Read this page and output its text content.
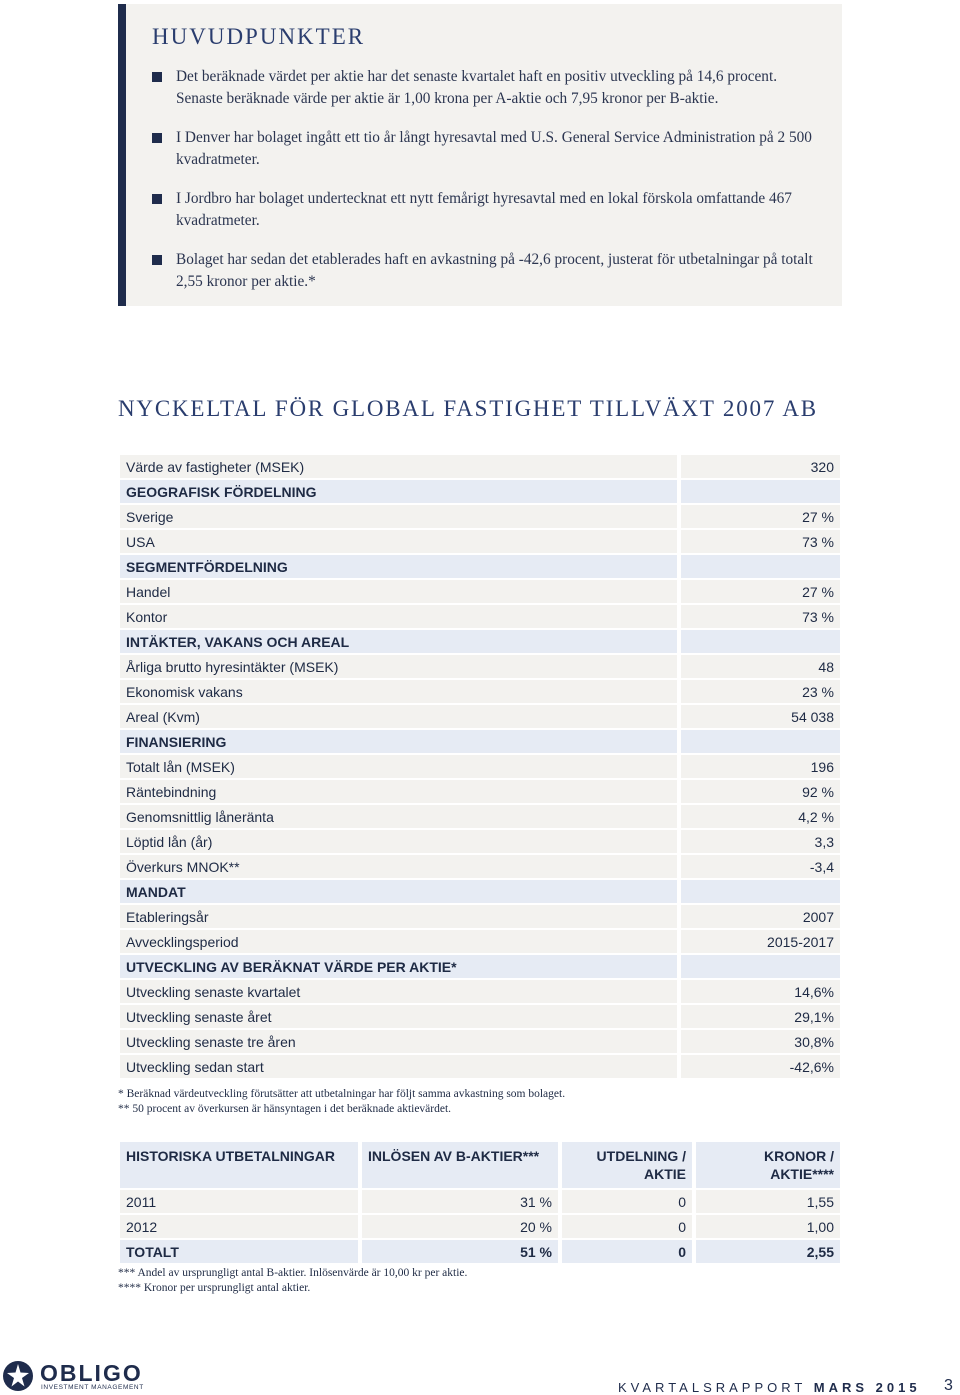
HUVUDPUNKTER
Det beräknade värdet per aktie har det senaste kvartalet haft en positiv utveckling på 14,6 procent. Senaste beräknade värde per aktie är 1,00 krona per A-aktie och 7,95 kronor per B-aktie.
I Denver har bolaget ingått ett tio år långt hyresavtal med U.S. General Service Administration på 2 500 kvadratmeter.
I Jordbro har bolaget undertecknat ett nytt femårigt hyresavtal med en lokal förskola omfattande 467 kvadratmeter.
Bolaget har sedan det etablerades haft en avkastning på -42,6 procent, justerat för utbetalningar på totalt 2,55 kronor per aktie.*
NYCKELTAL FÖR GLOBAL FASTIGHET TILLVÄXT 2007 AB
Värde av fastigheter (MSEK)	320
GEOGRAFISK FÖRDELNING	
Sverige	27 %
USA	73 %
SEGMENTFÖRDELNING	
Handel	27 %
Kontor	73 %
INTÄKTER, VAKANS OCH AREAL	
Årliga brutto hyresintäkter (MSEK)	48
Ekonomisk vakans	23 %
Areal (Kvm)	54 038
FINANSIERING	
Totalt lån (MSEK)	196
Räntebindning	92 %
Genomsnittlig låneränta	4,2 %
Löptid lån (år)	3,3
Överkurs MNOK**	-3,4
MANDAT	
Etableringsår	2007
Avvecklingsperiod	2015-2017
UTVECKLING AV BERÄKNAT VÄRDE PER AKTIE*	
Utveckling senaste kvartalet	14,6%
Utveckling senaste året	29,1%
Utveckling senaste tre åren	30,8%
Utveckling sedan start	-42,6%
* Beräknad värdeutveckling förutsätter att utbetalningar har följt samma avkastning som bolaget.
** 50 procent av överkursen är hänsyntagen i det beräknade aktievärdet.
HISTORISKA UTBETALNINGAR	INLÖSEN AV B-AKTIER***	UTDELNING / AKTIE	KRONOR / AKTIE****
2011	31 %	0	1,55
2012	20 %	0	1,00
TOTALT	51 %	0	2,55
*** Andel av ursprungligt antal B-aktier. Inlösenvärde är 10,00 kr per aktie.
**** Kronor per ursprungligt antal aktier.
OBLIGO
INVESTMENT MANAGEMENT	KVARTALSRAPPORT MARS 2015 3
